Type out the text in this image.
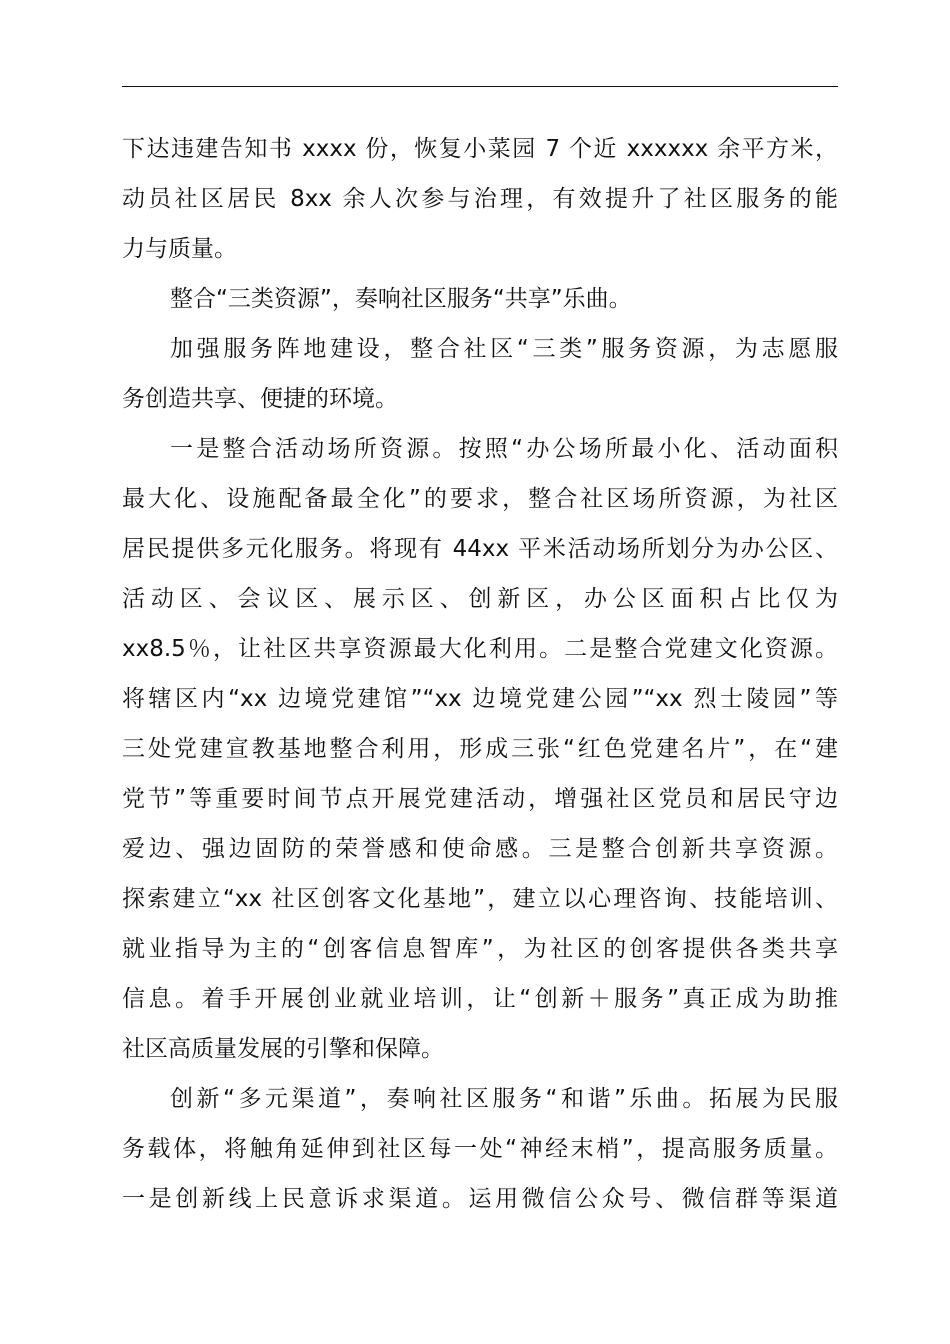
下达违建告知书 xxxx 份，恢复小菜园 7 个近 xxxxxx 余平方米，
动员社区居民 8xx 余人次参与治理，有效提升了社区服务的能
力与质量。
整合“三类资源”，奏响社区服务“共享”乐曲。
加强服务阵地建设，整合社区“三类”服务资源，为志愿服
务创造共享、便捷的环境。
一是整合活动场所资源。按照“办公场所最小化、活动面积
最大化、设施配备最全化”的要求，整合社区场所资源，为社区
居民提供多元化服务。将现有 44xx 平米活动场所划分为办公区、
活动区、会议区、展示区、创新区，办公区面积占比仅为
xx8.5％，让社区共享资源最大化利用。二是整合党建文化资源。
将辖区内“xx 边境党建馆”“xx 边境党建公园”“xx 烈士陵园”等
三处党建宣教基地整合利用，形成三张“红色党建名片”，在“建
党节”等重要时间节点开展党建活动，增强社区党员和居民守边
爱边、强边固防的荣誉感和使命感。三是整合创新共享资源。
探索建立“xx 社区创客文化基地”，建立以心理咨询、技能培训、
就业指导为主的“创客信息智库”，为社区的创客提供各类共享
信息。着手开展创业就业培训，让“创新＋服务”真正成为助推
社区高质量发展的引擎和保障。
创新“多元渠道”，奏响社区服务“和谐”乐曲。拓展为民服
务载体，将触角延伸到社区每一处“神经末梢”，提高服务质量。
一是创新线上民意诉求渠道。运用微信公众号、微信群等渠道
